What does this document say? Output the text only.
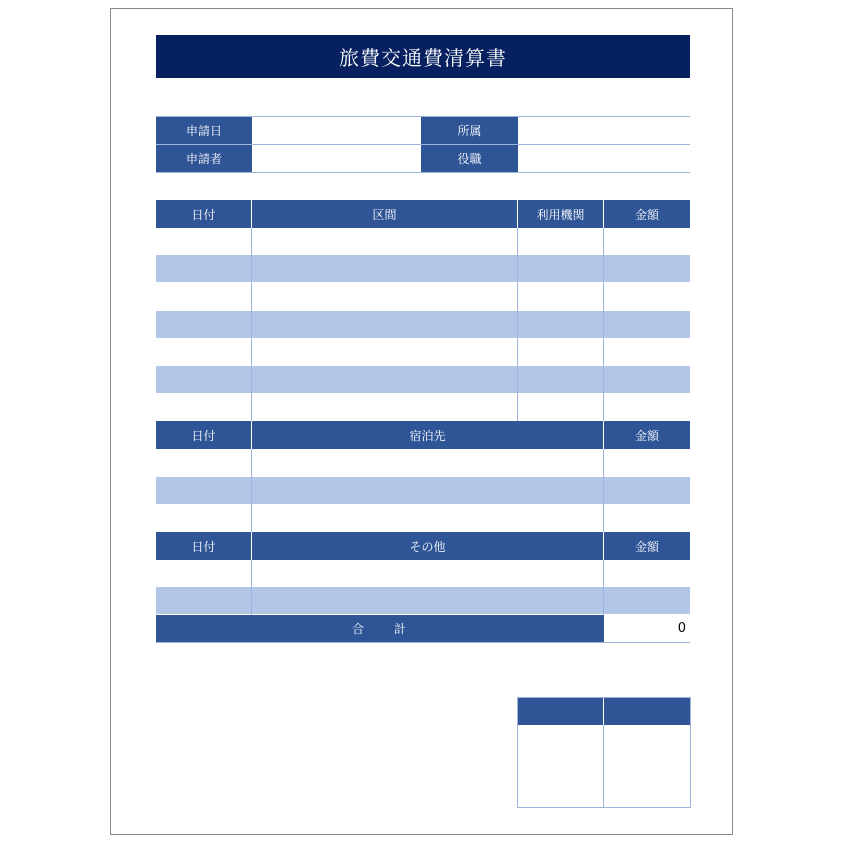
旅費交通費清算書
申請日	所属
申請者	役職
日付	区間	利用機関	金額
日付	宿泊先	金額
日付	その他	金額
合　　計	0
